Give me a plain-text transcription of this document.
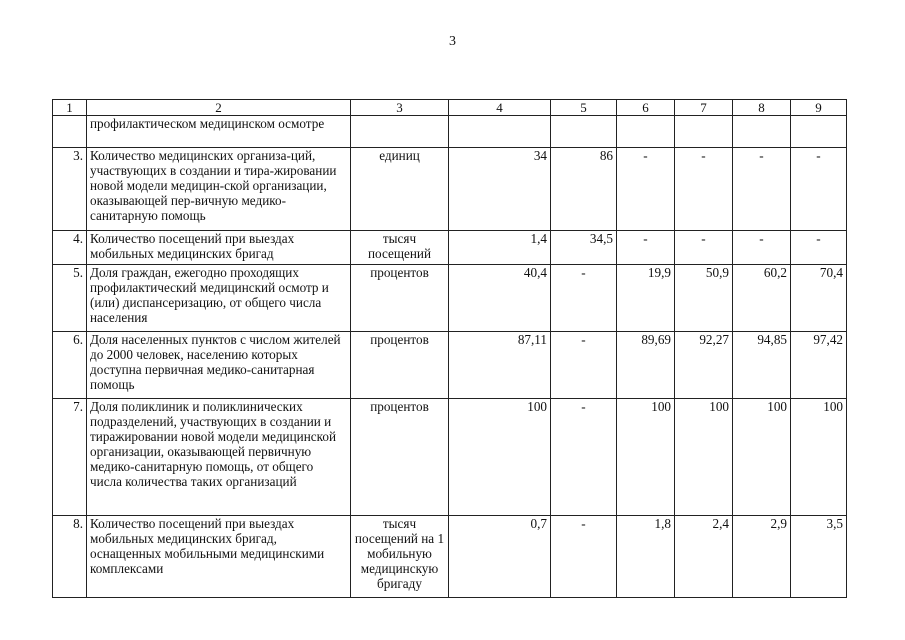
3
1	2	3	4	5	6	7	8	9
	профилактическом медицинском осмотре							
3.	Количество медицинских организа-ций, участвующих в создании и тира-жировании новой модели медицин-ской организации, оказывающей пер-вичную медико-санитарную помощь	единиц	34	86	-	-	-	-
4.	Количество посещений при выездах мобильных медицинских бригад	тысяч посещений	1,4	34,5	-	-	-	-
5.	Доля граждан, ежегодно проходящих профилактический медицинский осмотр и (или) диспансеризацию, от общего числа населения	процентов	40,4	-	19,9	50,9	60,2	70,4
6.	Доля населенных пунктов с числом жителей до 2000 человек, населению которых доступна первичная медико-санитарная помощь	процентов	87,11	-	89,69	92,27	94,85	97,42
7.	Доля поликлиник и поликлинических подразделений, участвующих в создании и тиражировании новой модели медицинской организации, оказывающей первичную медико-санитарную помощь, от общего числа количества таких организаций	процентов	100	-	100	100	100	100
8.	Количество посещений при выездах мобильных медицинских бригад, оснащенных мобильными медицинскими комплексами	тысяч посещений на 1 мобильную медицинскую бригаду	0,7	-	1,8	2,4	2,9	3,5
